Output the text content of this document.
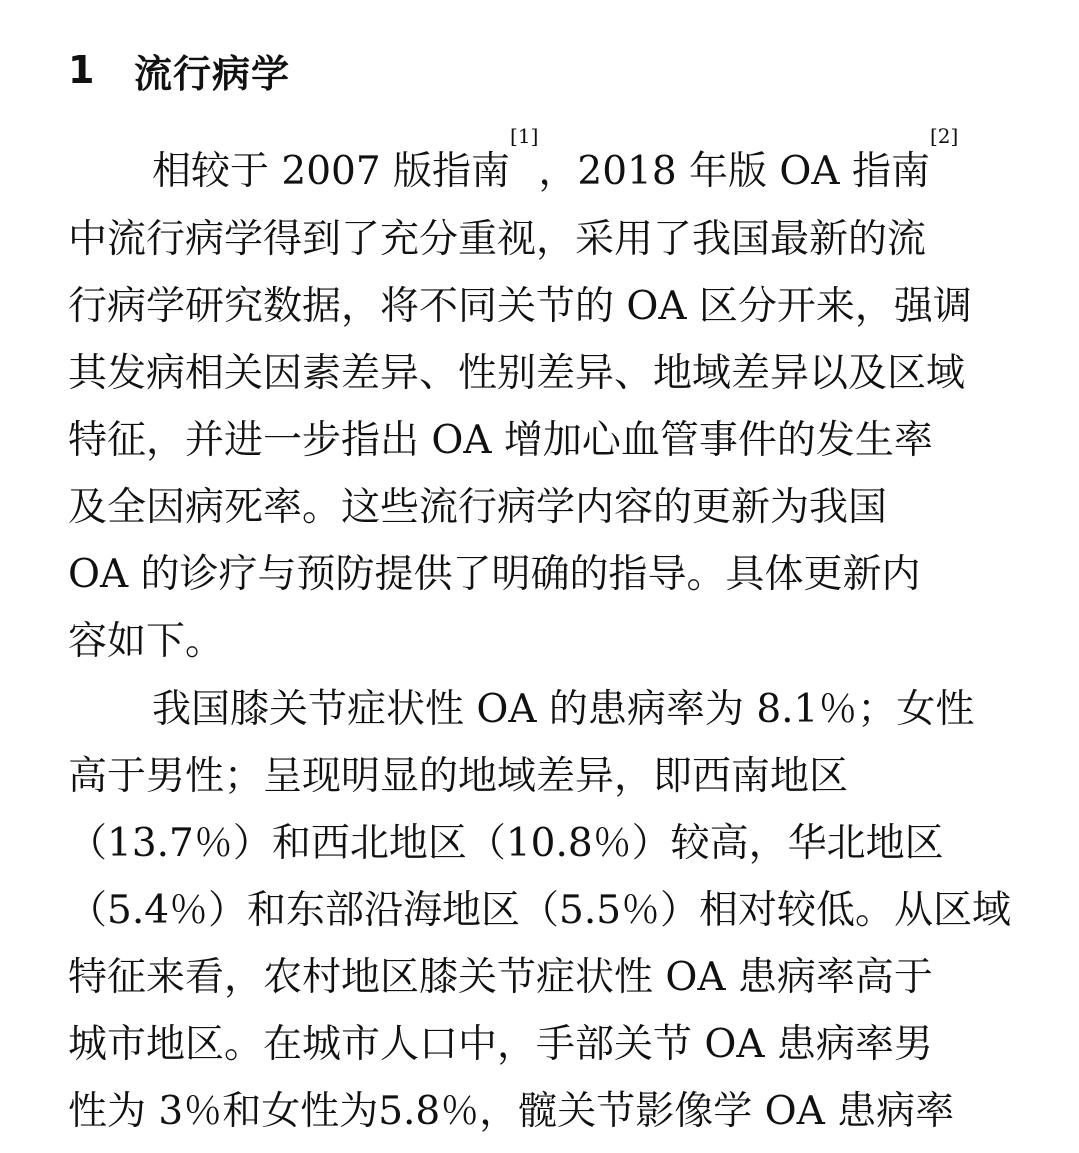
1	流行病学
相较于 2007 版指南[1]，2018 年版 OA 指南[2]
中流行病学得到了充分重视，采用了我国最新的流
行病学研究数据，将不同关节的 OA 区分开来，强调
其发病相关因素差异、性别差异、地域差异以及区域
特征，并进一步指出 OA 增加心血管事件的发生率
及全因病死率。这些流行病学内容的更新为我国
OA 的诊疗与预防提供了明确的指导。具体更新内
容如下。
我国膝关节症状性 OA 的患病率为 8.1％；女性
高于男性；呈现明显的地域差异，即西南地区
（13.7％）和西北地区（10.8％）较高，华北地区
（5.4％）和东部沿海地区（5.5％）相对较低。从区域
特征来看，农村地区膝关节症状性 OA 患病率高于
城市地区。在城市人口中，手部关节 OA 患病率男
性为 3％和女性为5.8％，髋关节影像学 OA 患病率
